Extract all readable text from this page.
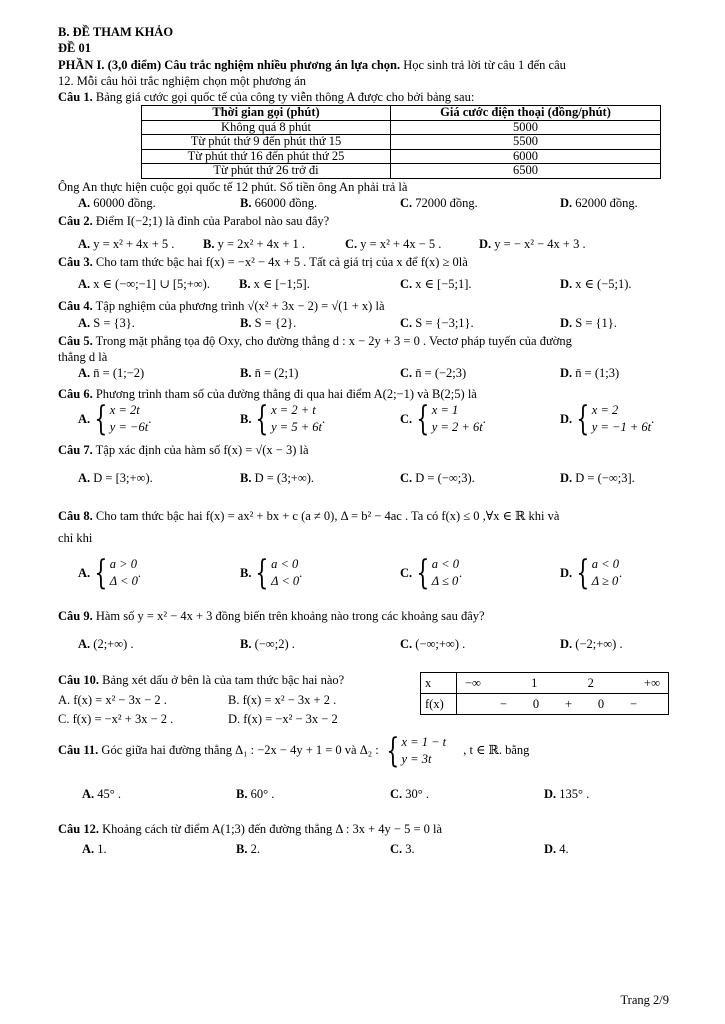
B. ĐỀ THAM KHẢO
ĐỀ 01
PHẦN I. (3,0 điểm) Câu trắc nghiệm nhiều phương án lựa chọn. Học sinh trả lời từ câu 1 đến câu
12. Mỗi câu hỏi trắc nghiệm chọn một phương án
Câu 1. Bảng giá cước gọi quốc tế của công ty viễn thông A được cho bởi bảng sau:
Thời gian gọi (phút)	Giá cước điện thoại (đồng/phút)
Không quá 8 phút	5000
Từ phút thứ 9 đến phút thứ 15	5500
Từ phút thứ 16 đến phút thứ 25	6000
Từ phút thứ 26 trở đi	6500
Ông An thực hiện cuộc gọi quốc tế 12 phút. Số tiền ông An phải trả là
A. 60000 đồng.	B. 66000 đồng.	C. 72000 đồng.	D. 62000 đồng.
Câu 2. Điểm I(−2;1) là đỉnh của Parabol nào sau đây?
A. y = x² + 4x + 5 .	B. y = 2x² + 4x + 1 .	C. y = x² + 4x − 5 .	D. y = − x² − 4x + 3 .
Câu 3. Cho tam thức bậc hai f(x) = −x² − 4x + 5 . Tất cả giá trị của x để f(x) ≥ 0là
A. x ∈ (−∞;−1] ∪ [5;+∞).	B. x ∈ [−1;5].	C. x ∈ [−5;1].	D. x ∈ (−5;1).
Câu 4. Tập nghiệm của phương trình √(x² + 3x − 2) = √(1 + x) là
A. S = {3}.	B. S = {2}.	C. S = {−3;1}.	D. S = {1}.
Câu 5. Trong mặt phẳng tọa độ Oxy, cho đường thẳng d : x − 2y + 3 = 0 . Vectơ pháp tuyến của đường
thẳng d là
A. n̄ = (1;−2)	B. n̄ = (2;1)	C. n̄ = (−2;3)	D. n̄ = (1;3)
Câu 6. Phương trình tham số của đường thẳng đi qua hai điểm A(2;−1) và B(2;5) là
A. { x = 2t
y = −6t
.	B. { x = 2 + t
y = 5 + 6t
.	C. { x = 1
y = 2 + 6t
.	D. { x = 2
y = −1 + 6t
.
Câu 7. Tập xác định của hàm số f(x) = √(x − 3) là
A. D = [3;+∞).	B. D = (3;+∞).	C. D = (−∞;3).	D. D = (−∞;3].
Câu 8. Cho tam thức bậc hai f(x) = ax² + bx + c (a ≠ 0), Δ = b² − 4ac . Ta có f(x) ≤ 0 ,∀x ∈ ℝ khi và
chỉ khi
A. { a > 0
Δ < 0
.	B. { a < 0
Δ < 0
.	C. { a < 0
Δ ≤ 0
.	D. { a < 0
Δ ≥ 0
.
Câu 9. Hàm số y = x² − 4x + 3 đồng biến trên khoảng nào trong các khoảng sau đây?
A. (2;+∞) .	B. (−∞;2) .	C. (−∞;+∞) .	D. (−2;+∞) .
Câu 10. Bảng xét dấu ở bên là của tam thức bậc hai nào?
A. f(x) = x² − 3x − 2 .	B. f(x) = x² − 3x + 2 .
C. f(x) = −x² + 3x − 2 .	D. f(x) = −x² − 3x − 2
x	−∞ 1 2 +∞

f(x)	− 0 + 0 −
Câu 11. Góc giữa hai đường thẳng Δ₁ : −2x − 4y + 1 = 0 và Δ₂ : { x = 1 − t
y = 3t
, t ∈ ℝ. bằng
A. 45° .	B. 60° .	C. 30° .	D. 135° .
Câu 12. Khoảng cách từ điểm A(1;3) đến đường thẳng Δ : 3x + 4y − 5 = 0 là
A. 1.	B. 2.	C. 3.	D. 4.
Trang 2/9
